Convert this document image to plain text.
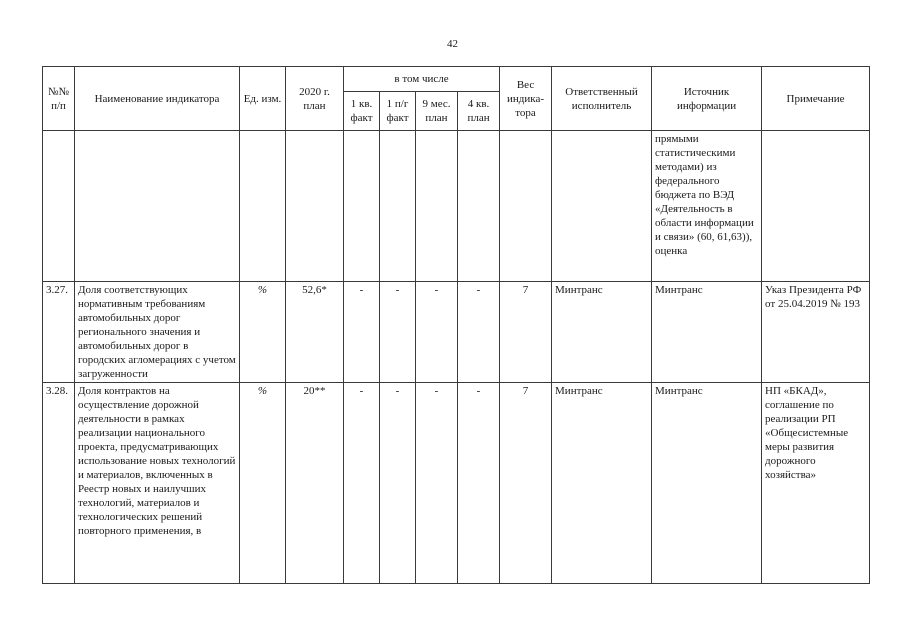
42
№№ п/п	Наименование индикатора	Ед. изм.	2020 г. план	в том числе				Вес индика-тора	Ответственный исполнитель	Источник информации	Примечание
				1 кв. факт	1 п/г факт	9 мес. план	4 кв. план				
										прямыми статистическими методами) из федерального бюджета по ВЭД «Деятельность в области информации и связи» (60, 61,63)), оценка	
3.27.	Доля соответствующих нормативным требованиям автомобильных дорог регионального значения и автомобильных дорог в городских агломерациях с учетом загруженности	%	52,6*	-	-	-	-	7	Минтранс	Минтранс	Указ Президента РФ от 25.04.2019 № 193
3.28.	Доля контрактов на осуществление дорожной деятельности в рамках реализации национального проекта, предусматривающих использование новых технологий и материалов, включенных в Реестр новых и наилучших технологий, материалов и технологических решений повторного применения, в	%	20**	-	-	-	-	7	Минтранс	Минтранс	НП «БКАД», соглашение по реализации РП «Общесистемные меры развития дорожного хозяйства»
